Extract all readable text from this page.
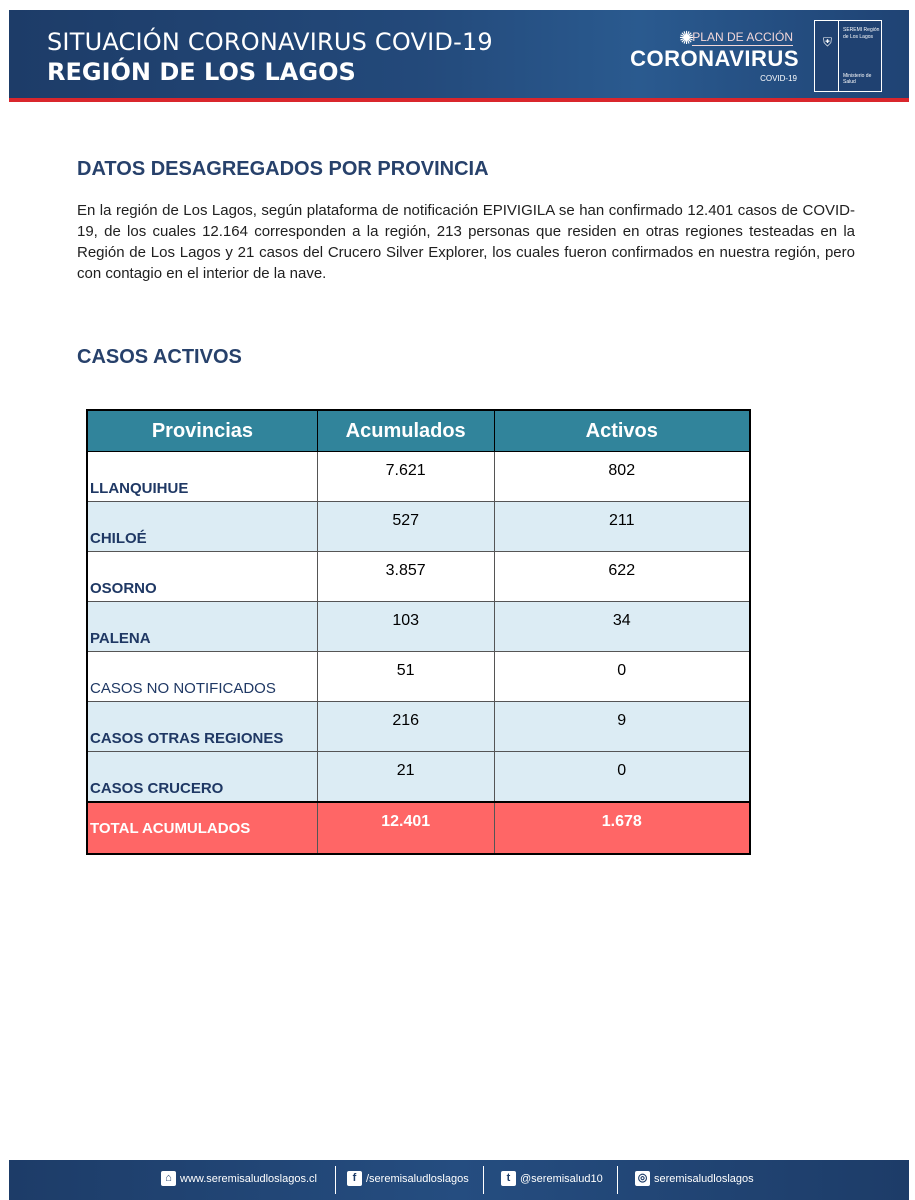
SITUACIÓN CORONAVIRUS COVID-19
REGIÓN DE LOS LAGOS
✺
PLAN DE ACCIÓN
CORONAVIRUS
COVID-19
⛨
SEREMI Región de Los Lagos
Ministerio de Salud
DATOS DESAGREGADOS POR PROVINCIA
En la región de Los Lagos, según plataforma de notificación EPIVIGILA se han confirmado 12.401 casos de COVID-19, de los cuales 12.164 corresponden a la región, 213 personas que residen en otras regiones testeadas en la Región de Los Lagos y 21 casos del Crucero Silver Explorer, los cuales fueron confirmados en nuestra región, pero con contagio en el interior de la nave.
CASOS ACTIVOS
Provincias	Acumulados	Activos
LLANQUIHUE	7.621	802
CHILOÉ	527	211
OSORNO	3.857	622
PALENA	103	34
CASOS NO NOTIFICADOS	51	0
CASOS OTRAS REGIONES	216	9
CASOS CRUCERO	21	0
TOTAL ACUMULADOS	12.401	1.678
⌂ www.seremisaludloslagos.cl	f /seremisaludloslagos	t @seremisalud10	◎ seremisaludloslagos
